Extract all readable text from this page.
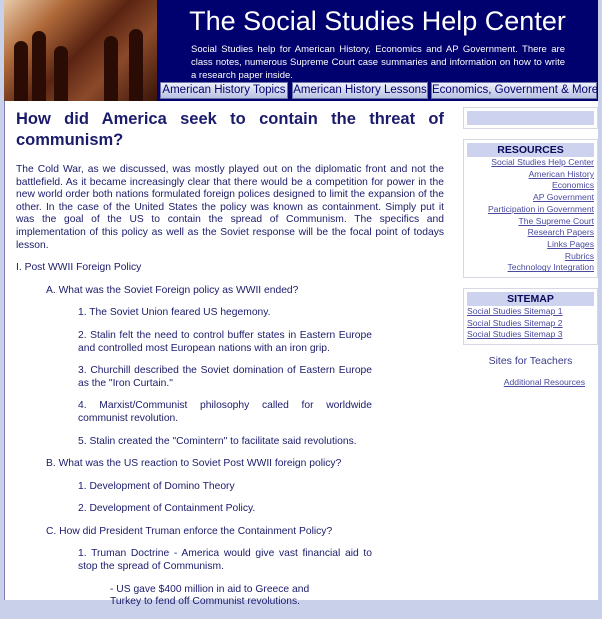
The Social Studies Help Center
Social Studies help for American History, Economics and AP Government. There are class notes, numerous Supreme Court case summaries and information on how to write a research paper inside.
American History Topics American History Lessons Economics, Government & More
How did America seek to contain the threat of communism?

The Cold War, as we discussed, was mostly played out on the diplomatic front and not the battlefield. As it became increasingly clear that there would be a competition for power in the new world order both nations formulated foreign polices designed to limit the expansion of the other. In the case of the United States the policy was known as containment. Simply put it was the goal of the US to contain the spread of Communism. The specifics and implementation of this policy as well as the Soviet response will be the focal point of todays lesson.

I. Post WWII Foreign Policy

A. What was the Soviet Foreign policy as WWII ended?

1. The Soviet Union feared US hegemony.

2. Stalin felt the need to control buffer states in Eastern Europe and controlled most European nations with an iron grip.

3. Churchill described the Soviet domination of Eastern Europe as the "Iron Curtain."

4. Marxist/Communist philosophy called for worldwide communist revolution.

5. Stalin created the "Comintern" to facilitate said revolutions.

B. What was the US reaction to Soviet Post WWII foreign policy?

1. Development of Domino Theory

2. Development of Containment Policy.

C. How did President Truman enforce the Containment Policy?

1. Truman Doctrine - America would give vast financial aid to stop the spread of Communism.

- US gave $400 million in aid to Greece and Turkey to fend off Communist revolutions.

RESOURCES
Social Studies Help Center
American History
Economics
AP Government
Participation in Government
The Supreme Court
Research Papers
Links Pages
Rubrics
Technology Integration
SITEMAP
Social Studies Sitemap 1
Social Studies Sitemap 2
Social Studies Sitemap 3
Sites for Teachers
Additional Resources
